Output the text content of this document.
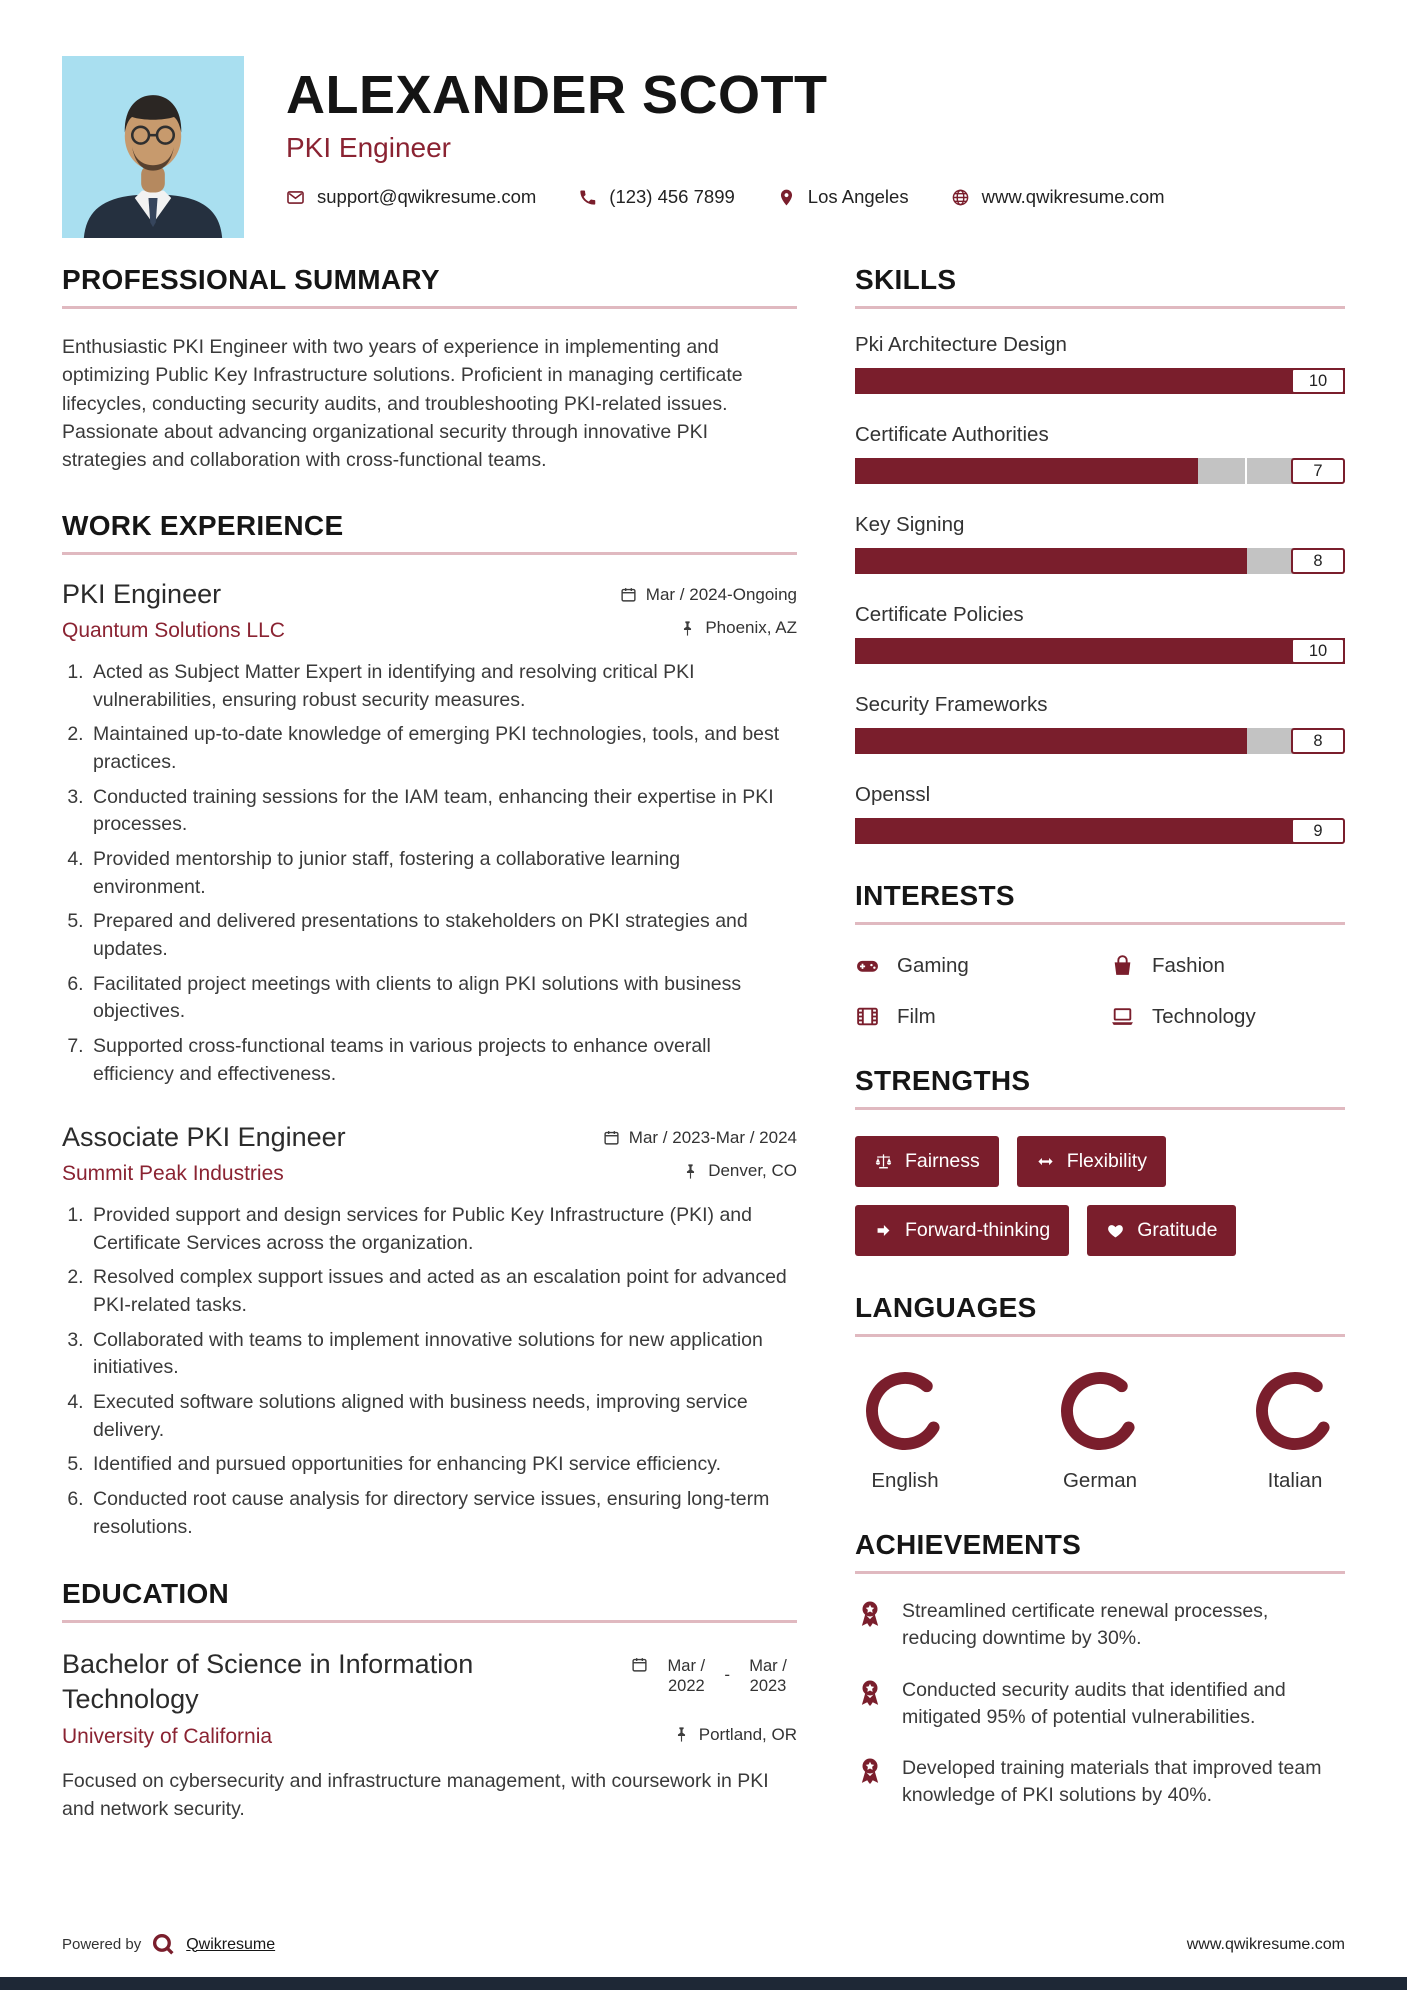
ALEXANDER SCOTT
PKI Engineer
support@qwikresume.com	(123) 456 7899	Los Angeles	www.qwikresume.com
PROFESSIONAL SUMMARY

Enthusiastic PKI Engineer with two years of experience in implementing and optimizing Public Key Infrastructure solutions. Proficient in managing certificate lifecycles, conducting security audits, and troubleshooting PKI-related issues. Passionate about advancing organizational security through innovative PKI strategies and collaboration with cross-functional teams.

WORK EXPERIENCE
PKI Engineer	Mar / 2024-Ongoing
Quantum Solutions LLC	Phoenix, AZ
1. Acted as Subject Matter Expert in identifying and resolving critical PKI vulnerabilities, ensuring robust security measures.
2. Maintained up-to-date knowledge of emerging PKI technologies, tools, and best practices.
3. Conducted training sessions for the IAM team, enhancing their expertise in PKI processes.
4. Provided mentorship to junior staff, fostering a collaborative learning environment.
5. Prepared and delivered presentations to stakeholders on PKI strategies and updates.
6. Facilitated project meetings with clients to align PKI solutions with business objectives.
7. Supported cross-functional teams in various projects to enhance overall efficiency and effectiveness.
Associate PKI Engineer	Mar / 2023-Mar / 2024
Summit Peak Industries	Denver, CO
1. Provided support and design services for Public Key Infrastructure (PKI) and Certificate Services across the organization.
2. Resolved complex support issues and acted as an escalation point for advanced PKI-related tasks.
3. Collaborated with teams to implement innovative solutions for new application initiatives.
4. Executed software solutions aligned with business needs, improving service delivery.
5. Identified and pursued opportunities for enhancing PKI service efficiency.
6. Conducted root cause analysis for directory service issues, ensuring long-term resolutions.
EDUCATION
Bachelor of Science in Information Technology
Mar / 2022
-	Mar / 2023
University of California	Portland, OR

Focused on cybersecurity and infrastructure management, with coursework in PKI and network security.

SKILLS
Pki Architecture Design
10
Certificate Authorities
7
Key Signing
8
Certificate Policies
10
Security Frameworks
8
Openssl
9
INTERESTS
Gaming	Fashion
Film	Technology
STRENGTHS
Fairness	Flexibility
Forward-thinking	Gratitude
LANGUAGES
English	German	Italian
ACHIEVEMENTS

Streamlined certificate renewal processes, reducing downtime by 30%.

Conducted security audits that identified and mitigated 95% of potential vulnerabilities.

Developed training materials that improved team knowledge of PKI solutions by 40%.

Powered by	Qwikresume	www.qwikresume.com
